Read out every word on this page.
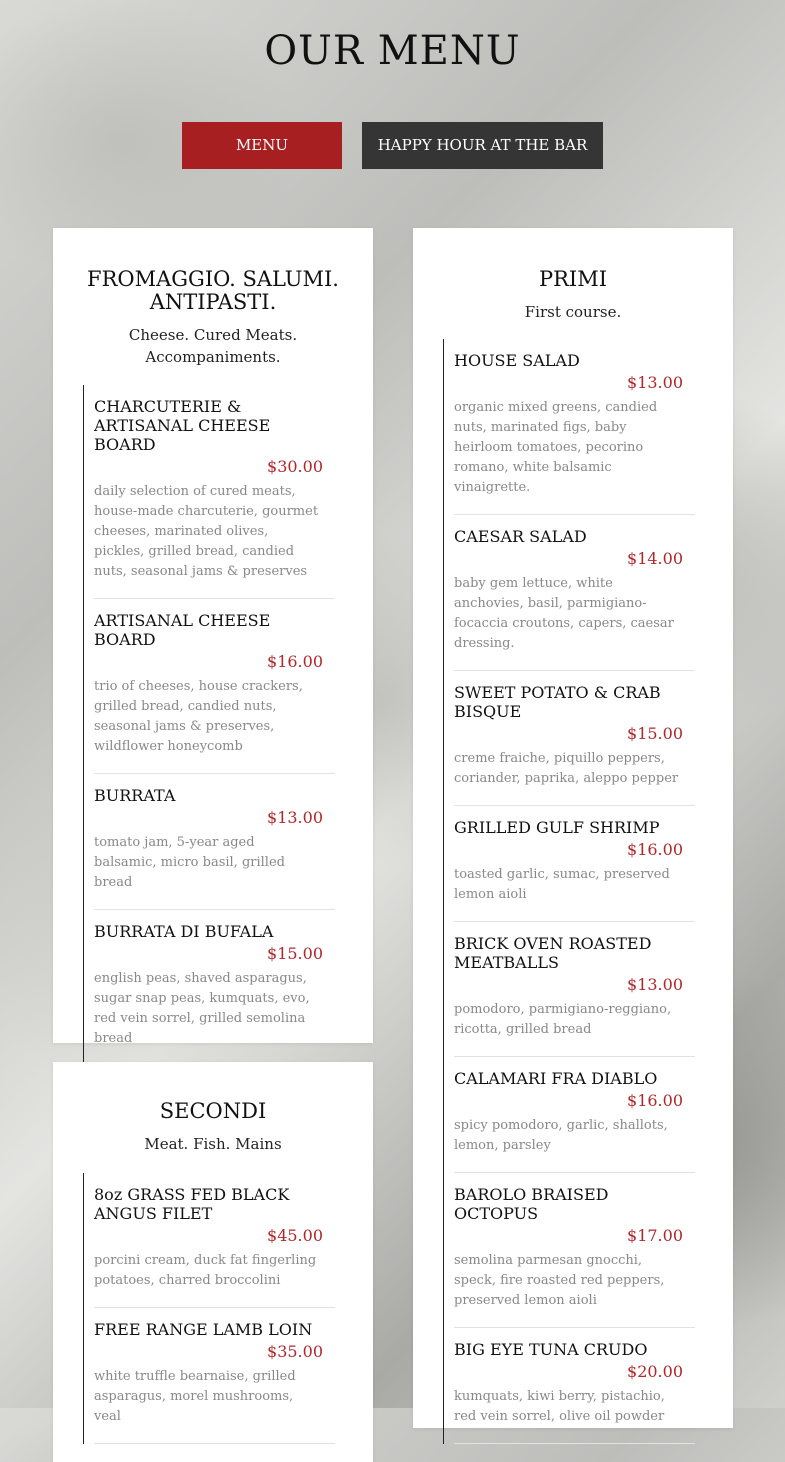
OUR MENU
MENU	HAPPY HOUR AT THE BAR
FROMAGGIO. SALUMI. ANTIPASTI.
Cheese. Cured Meats. Accompaniments.
CHARCUTERIE & ARTISANAL CHEESE BOARD
$30.00
daily selection of cured meats, house-made charcuterie, gourmet cheeses, marinated olives, pickles, grilled bread, candied nuts, seasonal jams & preserves
ARTISANAL CHEESE BOARD
$16.00
trio of cheeses, house crackers, grilled bread, candied nuts, seasonal jams & preserves, wildflower honeycomb
BURRATA
$13.00
tomato jam, 5-year aged balsamic, micro basil, grilled bread
BURRATA DI BUFALA
$15.00
english peas, shaved asparagus, sugar snap peas, kumquats, evo, red vein sorrel, grilled semolina bread
PRIMI
First course.
HOUSE SALAD
$13.00
organic mixed greens, candied nuts, marinated figs, baby heirloom tomatoes, pecorino romano, white balsamic vinaigrette.
CAESAR SALAD
$14.00
baby gem lettuce, white anchovies, basil, parmigiano-focaccia croutons, capers, caesar dressing.
SWEET POTATO & CRAB BISQUE
$15.00
creme fraiche, piquillo peppers, coriander, paprika, aleppo pepper
GRILLED GULF SHRIMP
$16.00
toasted garlic, sumac, preserved lemon aioli
BRICK OVEN ROASTED MEATBALLS
$13.00
pomodoro, parmigiano-reggiano, ricotta, grilled bread
CALAMARI FRA DIABLO
$16.00
spicy pomodoro, garlic, shallots, lemon, parsley
BAROLO BRAISED OCTOPUS
$17.00
semolina parmesan gnocchi, speck, fire roasted red peppers, preserved lemon aioli
BIG EYE TUNA CRUDO
$20.00
kumquats, kiwi berry, pistachio, red vein sorrel, olive oil powder
SECONDI
Meat. Fish. Mains
8oz GRASS FED BLACK ANGUS FILET
$45.00
porcini cream, duck fat fingerling potatoes, charred broccolini
FREE RANGE LAMB LOIN
$35.00
white truffle bearnaise, grilled asparagus, morel mushrooms, veal
